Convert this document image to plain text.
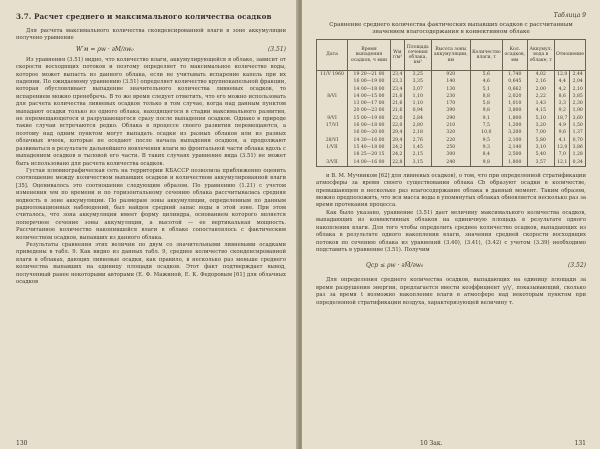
3.7. Расчет среднего и максимального количества осадков

Для расчета максимального количества сконденсированной влаги в зоне аккумуляции получено уравнение

W′м = ρw · ∂M/∂w₀	(3.51)

Из уравнения (3.51) видно, что количество влаги, аккумулирующейся в облаке, зависит от скорости восходящих потоков и поэтому определяет то максимальное количество воды, которое может выпасть из данного облака, если не учитывать испарение капель при их падении. По ожидаемому уравнению (3.51) определяет количество крупнокапельной фракции, которая обусловливает выпадение значительного количества ливневых осадков, то испарением можно пренебречь. В то же время следует отметить, что его можно использовать для расчета количества ливневых осадков только в том случае, когда над данным пунктом выпадают осадки только из одного облака, находящегося в стадии максимального развития, не перемещающегося и разрушающегося сразу после выпадения осадков. Однако в природе такие случаи встречаются редко. Облака в процессе своего развития перемещаются, а поэтому над одним пунктом могут выпадать осадки из разных облаков или из разных облачных ячеек, которые не оседают после начала выпадения осадков, а продолжают развиваться в результате дальнейшего вовлечения влаги во фронтальной части облака вдоль с выпадением осадков в тыловой его части. В таких случаях уравнение вида (3.51) не может быть использовано для расчета количества осадков.

Густая плювиографическая сеть на территории КБАССР позволила приближенно оценить соотношение между количеством выпавших осадков и количеством аккумулированной влаги [35]. Оценивалось это соотношение следующим образом. По уравнению (1.21) с учетом изменения wм по времени и по горизонтальному сечению облака рассчитывалась средняя водность в зоне аккумуляции. По размерам зоны аккумуляции, определенным по данным радиолокационных наблюдений, был найден средний запас воды в этой зоне. При этом считалось, что зона аккумуляции имеет форму цилиндра, основанием которого является поперечное сечение зоны аккумуляции, а высотой — ее вертикальная мощность. Рассчитанное количество накопившейся влаги в облаке сопоставлялось с фактическим количеством осадков, выпавших из данного облака.

Результаты сравнения этих величин по двум со значительными ливневыми осадками приведены в табл. 9. Как видно из данных табл. 9, среднее количество сконденсированной влаги в облаках, дающих ливневые осадки, как правило, в несколько раз меньше среднего количества выпавших на единицу площади осадков. Этот факт подтверждает вывод, полученный ранее некоторыми авторами (Е. Ф. Мажиной, Е. К. Федоровым [61] для облачных осадков

130
Таблица 9
Сравнение среднего количества фактических выпавших осадков с рассчитанным значением влагосодержания в конвективном облаке
Дата	Время выпадения осадков, ч мин	Wм г/м³	Площадь сечения облака, км²	Высота зоны аккумуляции, км	Количество влаги, т	Кол. осадков, мм	Аккумул. вода в облаке, т	Отношение	
11/V 1960	19 20—21 00	23,4	3,25	920	5,6	1,740	4,02	12,0	2,44
	16 00—19 00	23,3	3,35	140	4,6	0,645	2,16	4,4	2,04
	14 00—18 00	23,4	3,07	130	5,1	0,662	2,00	4,2	2,10
8/VI	14 00—15 00	21,6	1,10	230	8,8	2,020	2,22	8,6	3,85
	13 00—17 00	21,6	1,10	170	5,8	1,010	1,43	3,3	2,30
	20 00—23 00	21,6	0,94	390	9,8	3,800	4,15	9,2	1,90
9/VI	15 00—19 00	22,0	2,84	290	9,1	1,800	5,10	18,7	3,60
17/VI	16 00—18 00	22,0	2,80	210	7,5	1,200	3,20	4,9	1,50
	16 00—20 00	29,4	2,18	320	10,0	3,200	7,00	9,6	1,37
28/VI	14 30—16 00	29,4	2,76	220	9,5	2,100	5,80	4,1	0,70
1/VII	15 40—18 00	24,2	1,45	250	9,3	2,140	3,10	12,0	3,86
	18 25—20 15	24,2	2,15	300	8,4	2,500	5,40	7,0	1,28
3/VII	14 00—16 00	22,8	3,15	240	9,8	1,800	3,57	12,1	0,34

и В. М. Мучником [62] для ливневых осадков), о том, что при определенной стратификации атмосферы за время своего существования облака Cb образуют осадки в количестве, превышающем в несколько раз влагосодержание облака в данный момент. Таким образом, можно предположить, что вся масса воды в упомянутых облаках обновляется несколько раз за время протекания процесса.

Как было указано, уравнение (3.51) дает величину максимального количества осадков, выпадающих из конвективных облаков на единичную площадь в результате одного накопления влаги. Для того чтобы определить среднее количество осадков, выпадающих из облака в результате одного накопления влаги, значения средней скорости восходящих потоков по сечению облака из уравнений (3.40), (3.41), (3.42) с учетом (3.39) необходимо подставить в уравнение (3.51). Получим

Qср ≤ ρw · ∂M̄/∂w₀	(3.52)

Для определения среднего количества осадков, выпадающих на единицу площади за время разрушения энергии, предлагается ввести коэффициент γ/γ′, показывающий, сколько раз за время t возможно накопление влаги в атмосфере над некоторым пунктом при определенной стратификации воздуха, характеризующей величину т.

10 Зак.	131
